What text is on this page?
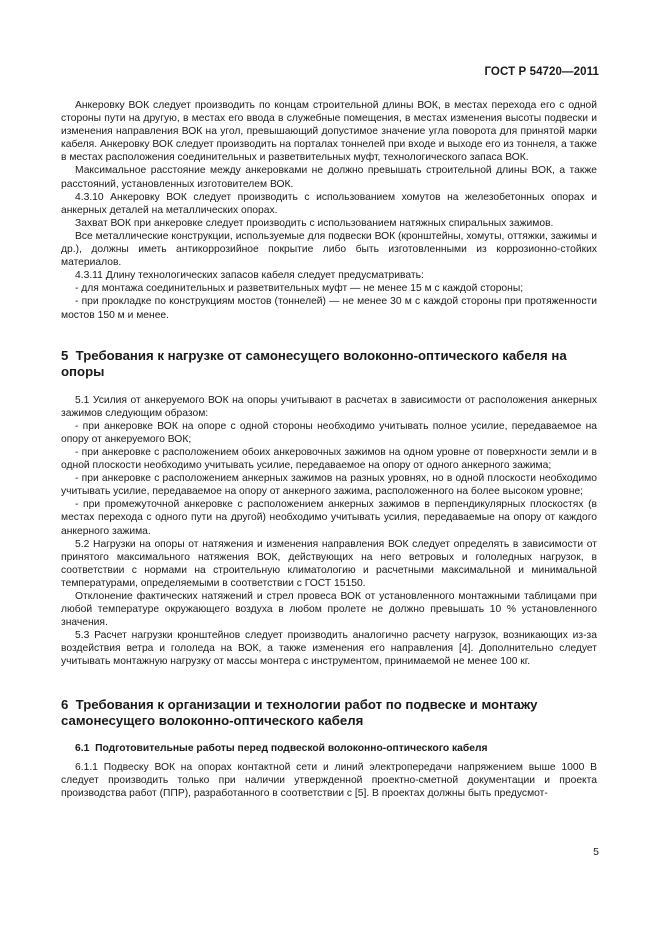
ГОСТ Р 54720—2011

Анкеровку ВОК следует производить по концам строительной длины ВОК, в местах перехода его с одной стороны пути на другую, в местах его ввода в служебные помещения, в местах изменения высоты подвески и изменения направления ВОК на угол, превышающий допустимое значение угла поворота для принятой марки кабеля. Анкеровку ВОК следует производить на порталах тоннелей при входе и выходе его из тоннеля, а также в местах расположения соединительных и разветвительных муфт, технологического запаса ВОК.

Максимальное расстояние между анкеровками не должно превышать строительной длины ВОК, а также расстояний, установленных изготовителем ВОК.

4.3.10 Анкеровку ВОК следует производить с использованием хомутов на железобетонных опорах и анкерных деталей на металлических опорах.

Захват ВОК при анкеровке следует производить с использованием натяжных спиральных зажимов.

Все металлические конструкции, используемые для подвески ВОК (кронштейны, хомуты, оттяжки, зажимы и др.), должны иметь антикоррозийное покрытие либо быть изготовленными из коррозионно-стойких материалов.

4.3.11 Длину технологических запасов кабеля следует предусматривать:

- для монтажа соединительных и разветвительных муфт — не менее 15 м с каждой стороны;

- при прокладке по конструкциям мостов (тоннелей) — не менее 30 м с каждой стороны при протяженности мостов 150 м и менее.

5 Требования к нагрузке от самонесущего волоконно-оптического кабеля на опоры

5.1 Усилия от анкеруемого ВОК на опоры учитывают в расчетах в зависимости от расположения анкерных зажимов следующим образом:

- при анкеровке ВОК на опоре с одной стороны необходимо учитывать полное усилие, передаваемое на опору от анкеруемого ВОК;

- при анкеровке с расположением обоих анкеровочных зажимов на одном уровне от поверхности земли и в одной плоскости необходимо учитывать усилие, передаваемое на опору от одного анкерного зажима;

- при анкеровке с расположением анкерных зажимов на разных уровнях, но в одной плоскости необходимо учитывать усилие, передаваемое на опору от анкерного зажима, расположенного на более высоком уровне;

- при промежуточной анкеровке с расположением анкерных зажимов в перпендикулярных плоскостях (в местах перехода с одного пути на другой) необходимо учитывать усилия, передаваемые на опору от каждого анкерного зажима.

5.2 Нагрузки на опоры от натяжения и изменения направления ВОК следует определять в зависимости от принятого максимального натяжения ВОК, действующих на него ветровых и гололедных нагрузок, в соответствии с нормами на строительную климатологию и расчетными максимальной и минимальной температурами, определяемыми в соответствии с ГОСТ 15150.

Отклонение фактических натяжений и стрел провеса ВОК от установленного монтажными таблицами при любой температуре окружающего воздуха в любом пролете не должно превышать 10 % установленного значения.

5.3 Расчет нагрузки кронштейнов следует производить аналогично расчету нагрузок, возникающих из-за воздействия ветра и гололеда на ВОК, а также изменения его направления [4]. Дополнительно следует учитывать монтажную нагрузку от массы монтера с инструментом, принимаемой не менее 100 кг.

6 Требования к организации и технологии работ по подвеске и монтажу самонесущего волоконно-оптического кабеля
6.1 Подготовительные работы перед подвеской волоконно-оптического кабеля

6.1.1 Подвеску ВОК на опорах контактной сети и линий электропередачи напряжением выше 1000 В следует производить только при наличии утвержденной проектно-сметной документации и проекта производства работ (ППР), разработанного в соответствии с [5]. В проектах должны быть предусмот-

5
